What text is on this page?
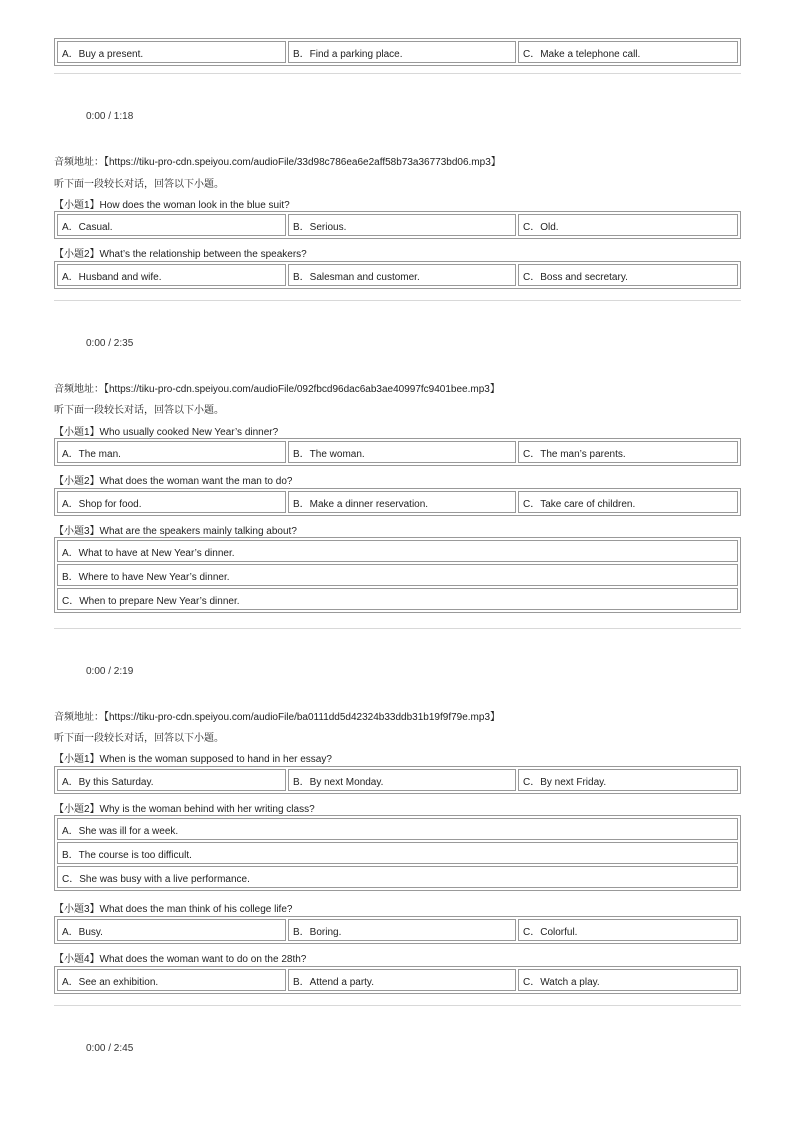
A．Buy a present.	B．Find a parking place.	C．Make a telephone call.
0:00 / 1:18
音频地址：【https://tiku-pro-cdn.speiyou.com/audioFile/33d98c786ea6e2aff58b73a36773bd06.mp3】
听下面一段较长对话，回答以下小题。
【小题1】How does the woman look in the blue suit?
A．Casual.	B．Serious.	C．Old.
【小题2】What’s the relationship between the speakers?
A．Husband and wife.	B．Salesman and customer.	C．Boss and secretary.
0:00 / 2:35
音频地址：【https://tiku-pro-cdn.speiyou.com/audioFile/092fbcd96dac6ab3ae40997fc9401bee.mp3】
听下面一段较长对话，回答以下小题。
【小题1】Who usually cooked New Year’s dinner?
A．The man.	B．The woman.	C．The man’s parents.
【小题2】What does the woman want the man to do?
A．Shop for food.	B．Make a dinner reservation.	C．Take care of children.
【小题3】What are the speakers mainly talking about?
A．What to have at New Year’s dinner.
B．Where to have New Year’s dinner.
C．When to prepare New Year’s dinner.
0:00 / 2:19
音频地址：【https://tiku-pro-cdn.speiyou.com/audioFile/ba0111dd5d42324b33ddb31b19f9f79e.mp3】
听下面一段较长对话，回答以下小题。
【小题1】When is the woman supposed to hand in her essay?
A．By this Saturday.	B．By next Monday.	C．By next Friday.
【小题2】Why is the woman behind with her writing class?
A．She was ill for a week.
B．The course is too difficult.
C．She was busy with a live performance.
【小题3】What does the man think of his college life?
A．Busy.	B．Boring.	C．Colorful.
【小题4】What does the woman want to do on the 28th?
A．See an exhibition.	B．Attend a party.	C．Watch a play.
0:00 / 2:45
